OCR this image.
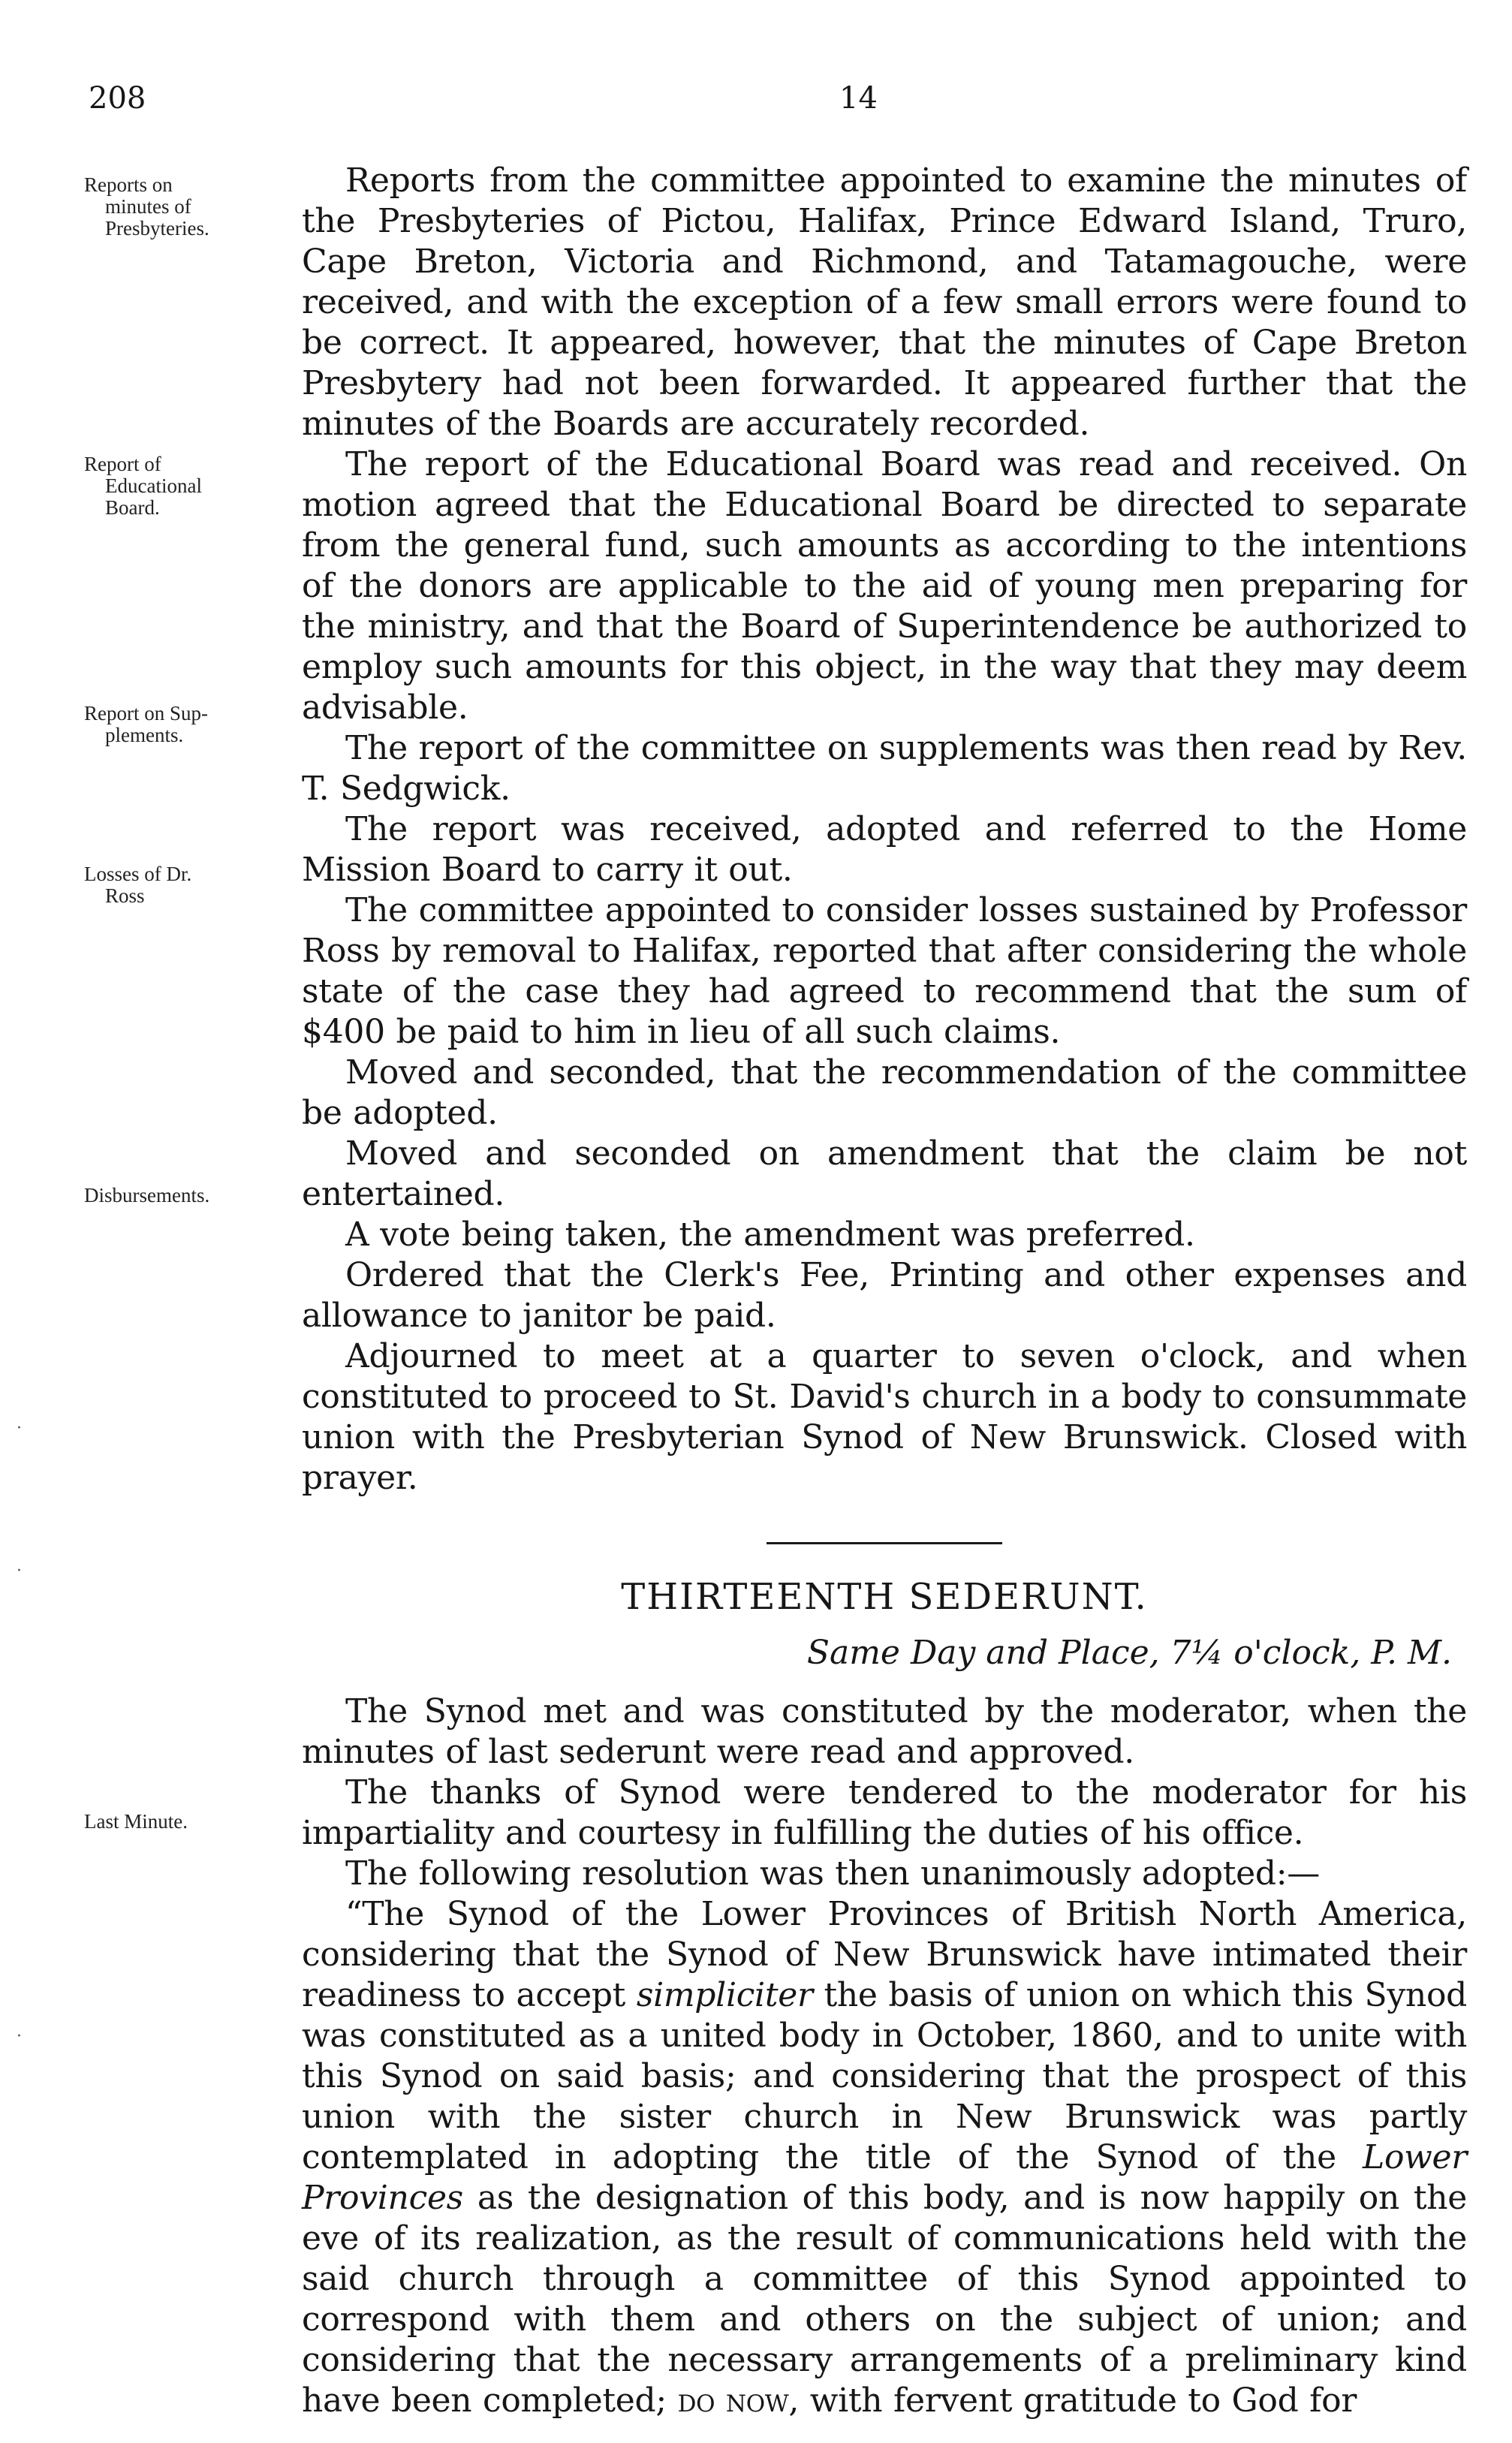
208	14
Reports on
minutes of
Presbyteries.
Report of
Educational
Board.
Report on Sup-
plements.
Losses of Dr.
Ross
Disbursements.
Last Minute.

Reports from the committee appointed to examine the minutes of the Presbyteries of Pictou, Halifax, Prince Edward Island, Truro, Cape Breton, Victoria and Richmond, and Tatamagouche, were received, and with the exception of a few small errors were found to be correct. It appeared, however, that the minutes of Cape Breton Presbytery had not been forwarded. It appeared further that the minutes of the Boards are accurately recorded.

The report of the Educational Board was read and received. On motion agreed that the Educational Board be directed to separate from the general fund, such amounts as according to the intentions of the donors are applicable to the aid of young men preparing for the ministry, and that the Board of Superintendence be authorized to employ such amounts for this object, in the way that they may deem advisable.

The report of the committee on supplements was then read by Rev. T. Sedgwick.

The report was received, adopted and referred to the Home Mission Board to carry it out.

The committee appointed to consider losses sustained by Professor Ross by removal to Halifax, reported that after considering the whole state of the case they had agreed to recommend that the sum of $400 be paid to him in lieu of all such claims.

Moved and seconded, that the recommendation of the committee be adopted.

Moved and seconded on amendment that the claim be not entertained.

A vote being taken, the amendment was preferred.

Ordered that the Clerk's Fee, Printing and other expenses and allowance to janitor be paid.

Adjourned to meet at a quarter to seven o'clock, and when constituted to proceed to St. David's church in a body to consummate union with the Presbyterian Synod of New Brunswick. Closed with prayer.

THIRTEENTH SEDERUNT.
Same Day and Place, 7¼ o'clock, P. M.

The Synod met and was constituted by the moderator, when the minutes of last sederunt were read and approved.

The thanks of Synod were tendered to the moderator for his impartiality and courtesy in fulfilling the duties of his office.

The following resolution was then unanimously adopted:—

“The Synod of the Lower Provinces of British North America, considering that the Synod of New Brunswick have intimated their readiness to accept simpliciter the basis of union on which this Synod was constituted as a united body in October, 1860, and to unite with this Synod on said basis; and considering that the prospect of this union with the sister church in New Brunswick was partly contemplated in adopting the title of the Synod of the Lower Provinces as the designation of this body, and is now happily on the eve of its realization, as the result of communications held with the said church through a committee of this Synod appointed to correspond with them and others on the subject of union; and considering that the necessary arrangements of a preliminary kind have been completed; do now, with fervent gratitude to God for

·
·
·
